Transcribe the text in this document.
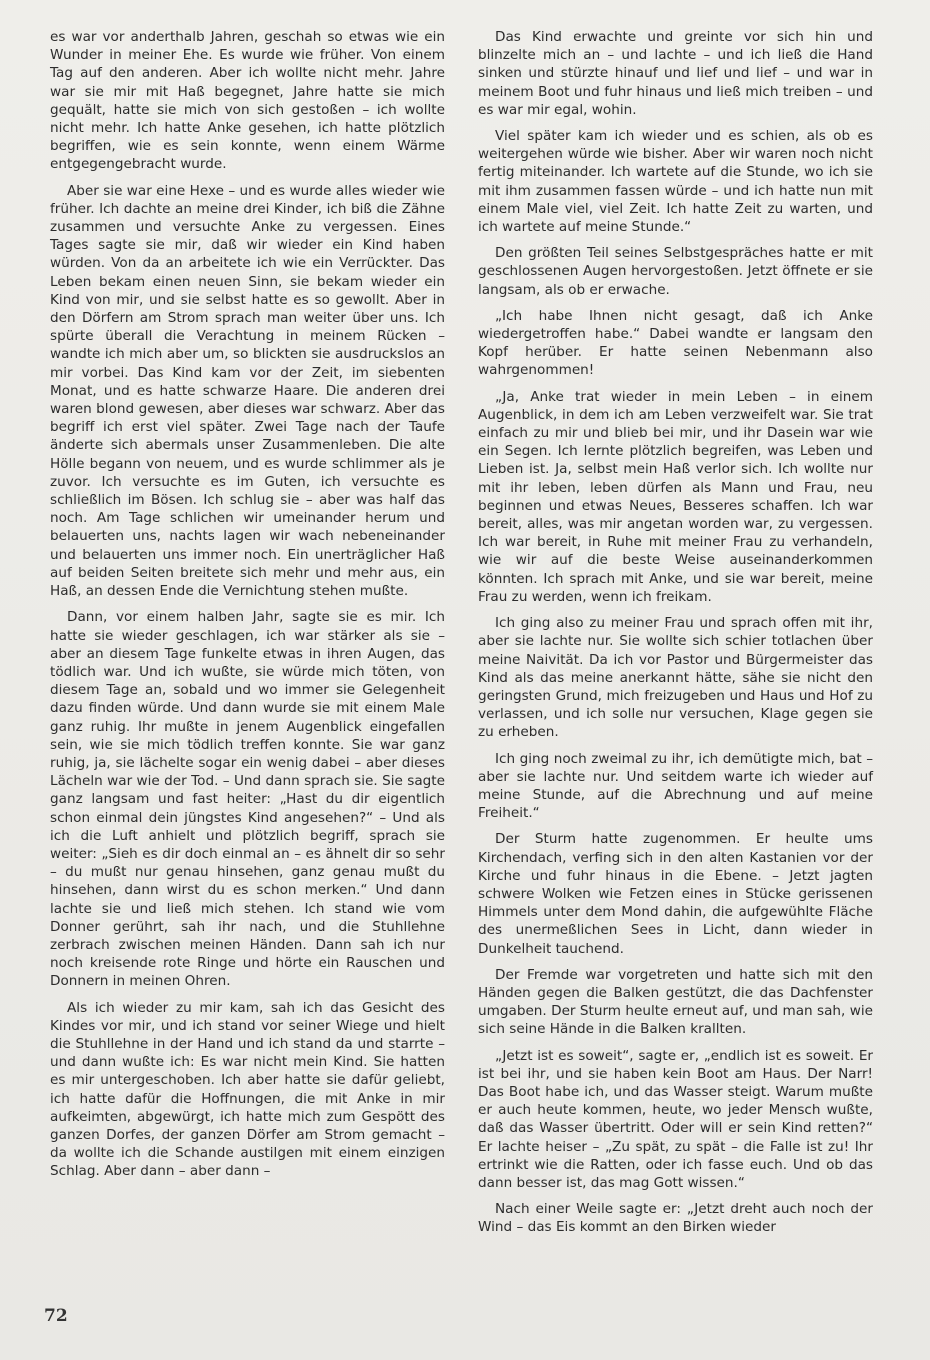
es war vor anderthalb Jahren, geschah so etwas wie ein Wunder in meiner Ehe. Es wurde wie früher. Von einem Tag auf den anderen. Aber ich wollte nicht mehr. Jahre war sie mir mit Haß begegnet, Jahre hatte sie mich gequält, hatte sie mich von sich gestoßen – ich wollte nicht mehr. Ich hatte Anke gesehen, ich hatte plötzlich begriffen, wie es sein konnte, wenn einem Wärme entgegengebracht wurde.

Aber sie war eine Hexe – und es wurde alles wieder wie früher. Ich dachte an meine drei Kinder, ich biß die Zähne zusammen und versuchte Anke zu vergessen. Eines Tages sagte sie mir, daß wir wieder ein Kind haben würden. Von da an arbeitete ich wie ein Verrückter. Das Leben bekam einen neuen Sinn, sie bekam wieder ein Kind von mir, und sie selbst hatte es so gewollt. Aber in den Dörfern am Strom sprach man weiter über uns. Ich spürte überall die Verachtung in meinem Rücken – wandte ich mich aber um, so blickten sie ausdruckslos an mir vorbei. Das Kind kam vor der Zeit, im siebenten Monat, und es hatte schwarze Haare. Die anderen drei waren blond gewesen, aber dieses war schwarz. Aber das begriff ich erst viel später. Zwei Tage nach der Taufe änderte sich abermals unser Zusammenleben. Die alte Hölle begann von neuem, und es wurde schlimmer als je zuvor. Ich versuchte es im Guten, ich versuchte es schließlich im Bösen. Ich schlug sie – aber was half das noch. Am Tage schlichen wir umeinander herum und belauerten uns, nachts lagen wir wach nebeneinander und belauerten uns immer noch. Ein unerträglicher Haß auf beiden Seiten breitete sich mehr und mehr aus, ein Haß, an dessen Ende die Vernichtung stehen mußte.

Dann, vor einem halben Jahr, sagte sie es mir. Ich hatte sie wieder geschlagen, ich war stärker als sie – aber an diesem Tage funkelte etwas in ihren Augen, das tödlich war. Und ich wußte, sie würde mich töten, von diesem Tage an, sobald und wo immer sie Gelegenheit dazu finden würde. Und dann wurde sie mit einem Male ganz ruhig. Ihr mußte in jenem Augenblick eingefallen sein, wie sie mich tödlich treffen konnte. Sie war ganz ruhig, ja, sie lächelte sogar ein wenig dabei – aber dieses Lächeln war wie der Tod. – Und dann sprach sie. Sie sagte ganz langsam und fast heiter: „Hast du dir eigentlich schon einmal dein jüngstes Kind angesehen?“ – Und als ich die Luft anhielt und plötzlich begriff, sprach sie weiter: „Sieh es dir doch einmal an – es ähnelt dir so sehr – du mußt nur genau hinsehen, ganz genau mußt du hinsehen, dann wirst du es schon merken.“ Und dann lachte sie und ließ mich stehen. Ich stand wie vom Donner gerührt, sah ihr nach, und die Stuhllehne zerbrach zwischen meinen Händen. Dann sah ich nur noch kreisende rote Ringe und hörte ein Rauschen und Donnern in meinen Ohren.

Als ich wieder zu mir kam, sah ich das Gesicht des Kindes vor mir, und ich stand vor seiner Wiege und hielt die Stuhllehne in der Hand und ich stand da und starrte – und dann wußte ich: Es war nicht mein Kind. Sie hatten es mir untergeschoben. Ich aber hatte sie dafür geliebt, ich hatte dafür die Hoffnungen, die mit Anke in mir aufkeimten, abgewürgt, ich hatte mich zum Gespött des ganzen Dorfes, der ganzen Dörfer am Strom gemacht – da wollte ich die Schande austilgen mit einem einzigen Schlag. Aber dann – aber dann –

Das Kind erwachte und greinte vor sich hin und blinzelte mich an – und lachte – und ich ließ die Hand sinken und stürzte hinauf und lief und lief – und war in meinem Boot und fuhr hinaus und ließ mich treiben – und es war mir egal, wohin.

Viel später kam ich wieder und es schien, als ob es weitergehen würde wie bisher. Aber wir waren noch nicht fertig miteinander. Ich wartete auf die Stunde, wo ich sie mit ihm zusammen fassen würde – und ich hatte nun mit einem Male viel, viel Zeit. Ich hatte Zeit zu warten, und ich wartete auf meine Stunde.“

Den größten Teil seines Selbstgespräches hatte er mit geschlossenen Augen hervorgestoßen. Jetzt öffnete er sie langsam, als ob er erwache.

„Ich habe Ihnen nicht gesagt, daß ich Anke wiedergetroffen habe.“ Dabei wandte er langsam den Kopf herüber. Er hatte seinen Nebenmann also wahrgenommen!

„Ja, Anke trat wieder in mein Leben – in einem Augenblick, in dem ich am Leben verzweifelt war. Sie trat einfach zu mir und blieb bei mir, und ihr Dasein war wie ein Segen. Ich lernte plötzlich begreifen, was Leben und Lieben ist. Ja, selbst mein Haß verlor sich. Ich wollte nur mit ihr leben, leben dürfen als Mann und Frau, neu beginnen und etwas Neues, Besseres schaffen. Ich war bereit, alles, was mir angetan worden war, zu vergessen. Ich war bereit, in Ruhe mit meiner Frau zu verhandeln, wie wir auf die beste Weise auseinanderkommen könnten. Ich sprach mit Anke, und sie war bereit, meine Frau zu werden, wenn ich freikam.

Ich ging also zu meiner Frau und sprach offen mit ihr, aber sie lachte nur. Sie wollte sich schier totlachen über meine Naivität. Da ich vor Pastor und Bürgermeister das Kind als das meine anerkannt hätte, sähe sie nicht den geringsten Grund, mich freizugeben und Haus und Hof zu verlassen, und ich solle nur versuchen, Klage gegen sie zu erheben.

Ich ging noch zweimal zu ihr, ich demütigte mich, bat – aber sie lachte nur. Und seitdem warte ich wieder auf meine Stunde, auf die Abrechnung und auf meine Freiheit.“

Der Sturm hatte zugenommen. Er heulte ums Kirchendach, verfing sich in den alten Kastanien vor der Kirche und fuhr hinaus in die Ebene. – Jetzt jagten schwere Wolken wie Fetzen eines in Stücke gerissenen Himmels unter dem Mond dahin, die aufgewühlte Fläche des unermeßlichen Sees in Licht, dann wieder in Dunkelheit tauchend.

Der Fremde war vorgetreten und hatte sich mit den Händen gegen die Balken gestützt, die das Dachfenster umgaben. Der Sturm heulte erneut auf, und man sah, wie sich seine Hände in die Balken krallten.

„Jetzt ist es soweit“, sagte er, „endlich ist es soweit. Er ist bei ihr, und sie haben kein Boot am Haus. Der Narr! Das Boot habe ich, und das Wasser steigt. Warum mußte er auch heute kommen, heute, wo jeder Mensch wußte, daß das Wasser übertritt. Oder will er sein Kind retten?“ Er lachte heiser – „Zu spät, zu spät – die Falle ist zu! Ihr ertrinkt wie die Ratten, oder ich fasse euch. Und ob das dann besser ist, das mag Gott wissen.“

Nach einer Weile sagte er: „Jetzt dreht auch noch der Wind – das Eis kommt an den Birken wieder

72
